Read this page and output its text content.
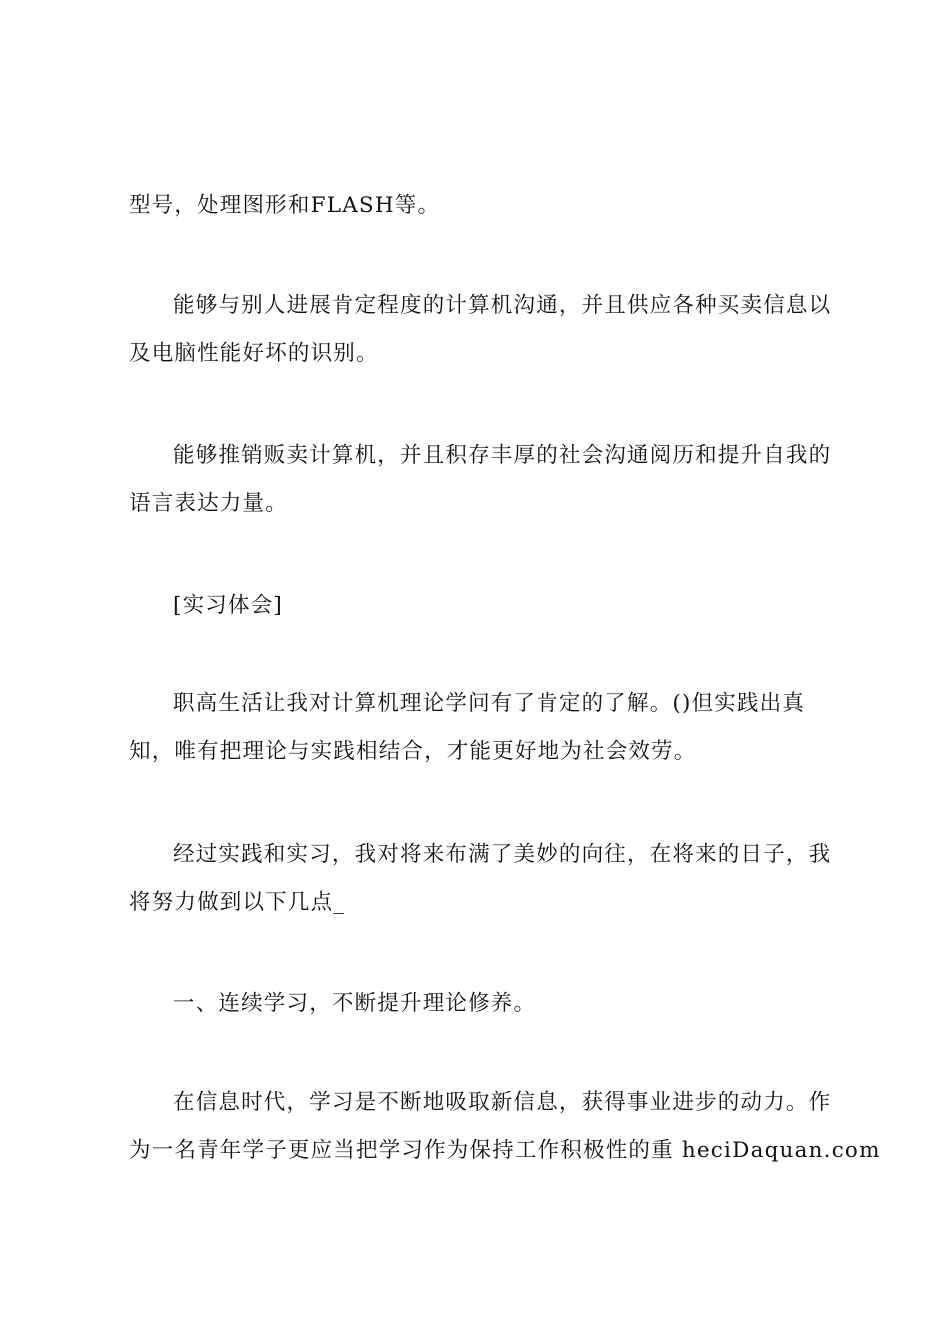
型号，处理图形和FLASH等。

能够与别人进展肯定程度的计算机沟通，并且供应各种买卖信息以
及电脑性能好坏的识别。

能够推销贩卖计算机，并且积存丰厚的社会沟通阅历和提升自我的
语言表达力量。

[实习体会]

职高生活让我对计算机理论学问有了肯定的了解。()但实践出真
知，唯有把理论与实践相结合，才能更好地为社会效劳。

经过实践和实习，我对将来布满了美妙的向往，在将来的日子，我
将努力做到以下几点_

一、连续学习，不断提升理论修养。

在信息时代，学习是不断地吸取新信息，获得事业进步的动力。作
为一名青年学子更应当把学习作为保持工作积极性的重 heciDaquan.com
